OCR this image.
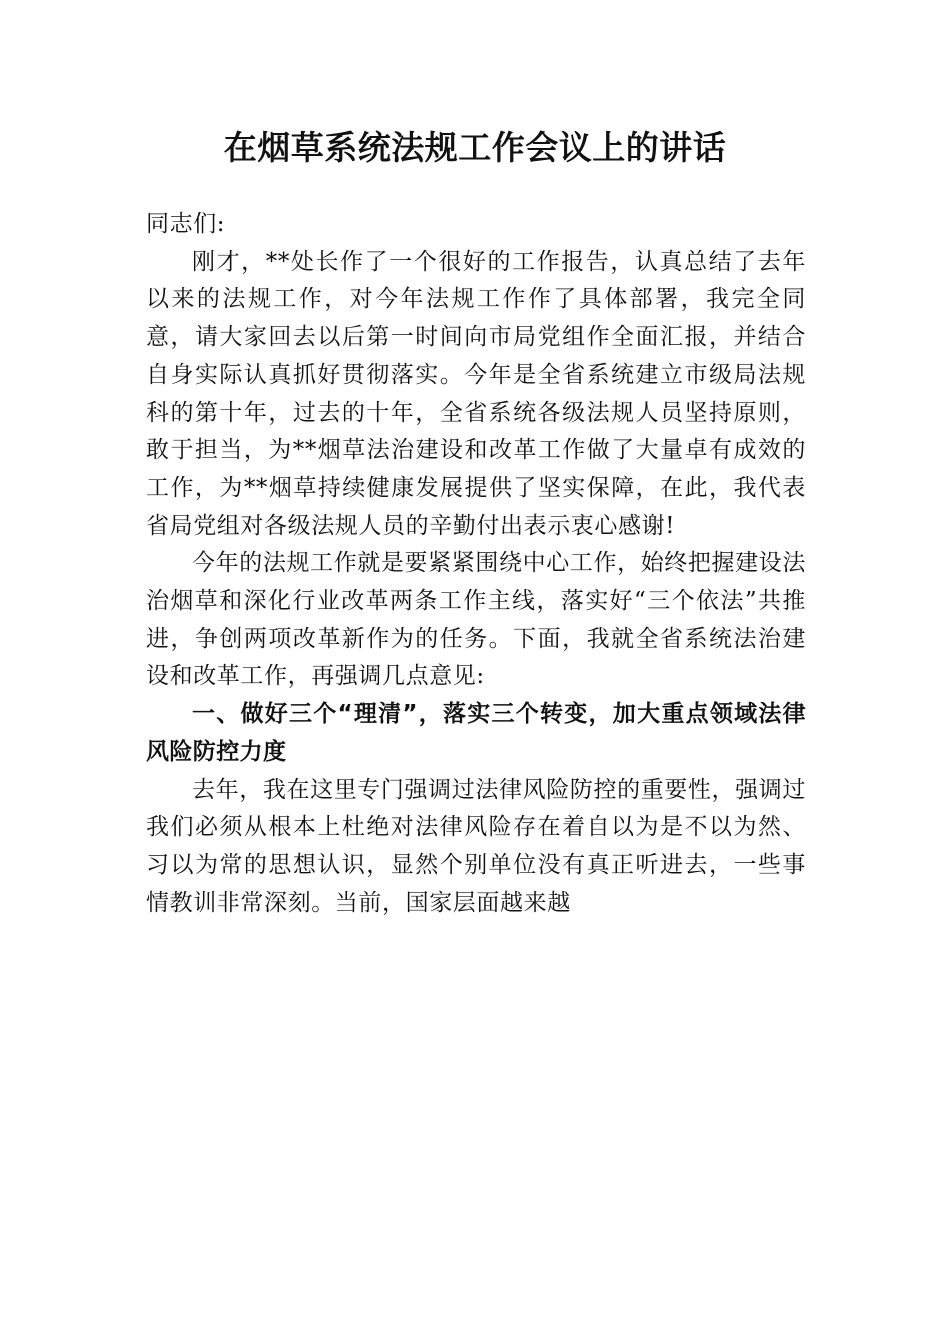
在烟草系统法规工作会议上的讲话

同志们:

刚才，**处长作了一个很好的工作报告，认真总结了去年以来的法规工作，对今年法规工作作了具体部署，我完全同意，请大家回去以后第一时间向市局党组作全面汇报，并结合自身实际认真抓好贯彻落实。今年是全省系统建立市级局法规科的第十年，过去的十年，全省系统各级法规人员坚持原则，敢于担当，为**烟草法治建设和改革工作做了大量卓有成效的工作，为**烟草持续健康发展提供了坚实保障，在此，我代表省局党组对各级法规人员的辛勤付出表示衷心感谢!

今年的法规工作就是要紧紧围绕中心工作，始终把握建设法治烟草和深化行业改革两条工作主线，落实好“三个依法”共推进，争创两项改革新作为的任务。下面，我就全省系统法治建设和改革工作，再强调几点意见:

一、做好三个“理清”，落实三个转变，加大重点领域法律风险防控力度

去年，我在这里专门强调过法律风险防控的重要性，强调过我们必须从根本上杜绝对法律风险存在着自以为是不以为然、习以为常的思想认识，显然个别单位没有真正听进去，一些事情教训非常深刻。当前，国家层面越来越
